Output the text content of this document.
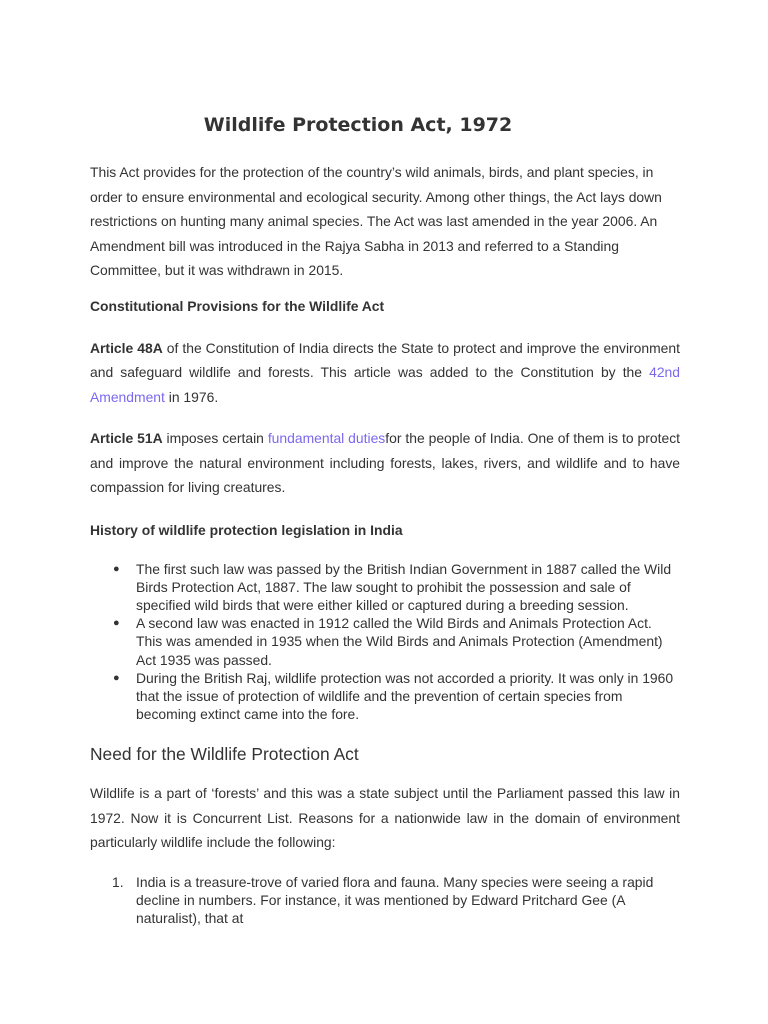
Wildlife Protection Act, 1972

This Act provides for the protection of the country’s wild animals, birds, and plant species, in order to ensure environmental and ecological security. Among other things, the Act lays down restrictions on hunting many animal species. The Act was last amended in the year 2006. An Amendment bill was introduced in the Rajya Sabha in 2013 and referred to a Standing Committee, but it was withdrawn in 2015.

Constitutional Provisions for the Wildlife Act

Article 48A of the Constitution of India directs the State to protect and improve the environment and safeguard wildlife and forests. This article was added to the Constitution by the 42nd Amendment in 1976.

Article 51A imposes certain fundamental dutiesfor the people of India. One of them is to protect and improve the natural environment including forests, lakes, rivers, and wildlife and to have compassion for living creatures.

History of wildlife protection legislation in India

● The first such law was passed by the British Indian Government in 1887 called the Wild Birds Protection Act, 1887. The law sought to prohibit the possession and sale of specified wild birds that were either killed or captured during a breeding session.
● A second law was enacted in 1912 called the Wild Birds and Animals Protection Act. This was amended in 1935 when the Wild Birds and Animals Protection (Amendment) Act 1935 was passed.
● During the British Raj, wildlife protection was not accorded a priority. It was only in 1960 that the issue of protection of wildlife and the prevention of certain species from becoming extinct came into the fore.

Need for the Wildlife Protection Act

Wildlife is a part of ‘forests’ and this was a state subject until the Parliament passed this law in 1972. Now it is Concurrent List. Reasons for a nationwide law in the domain of environment particularly wildlife include the following:

1. India is a treasure-trove of varied flora and fauna. Many species were seeing a rapid decline in numbers. For instance, it was mentioned by Edward Pritchard Gee (A naturalist), that at
